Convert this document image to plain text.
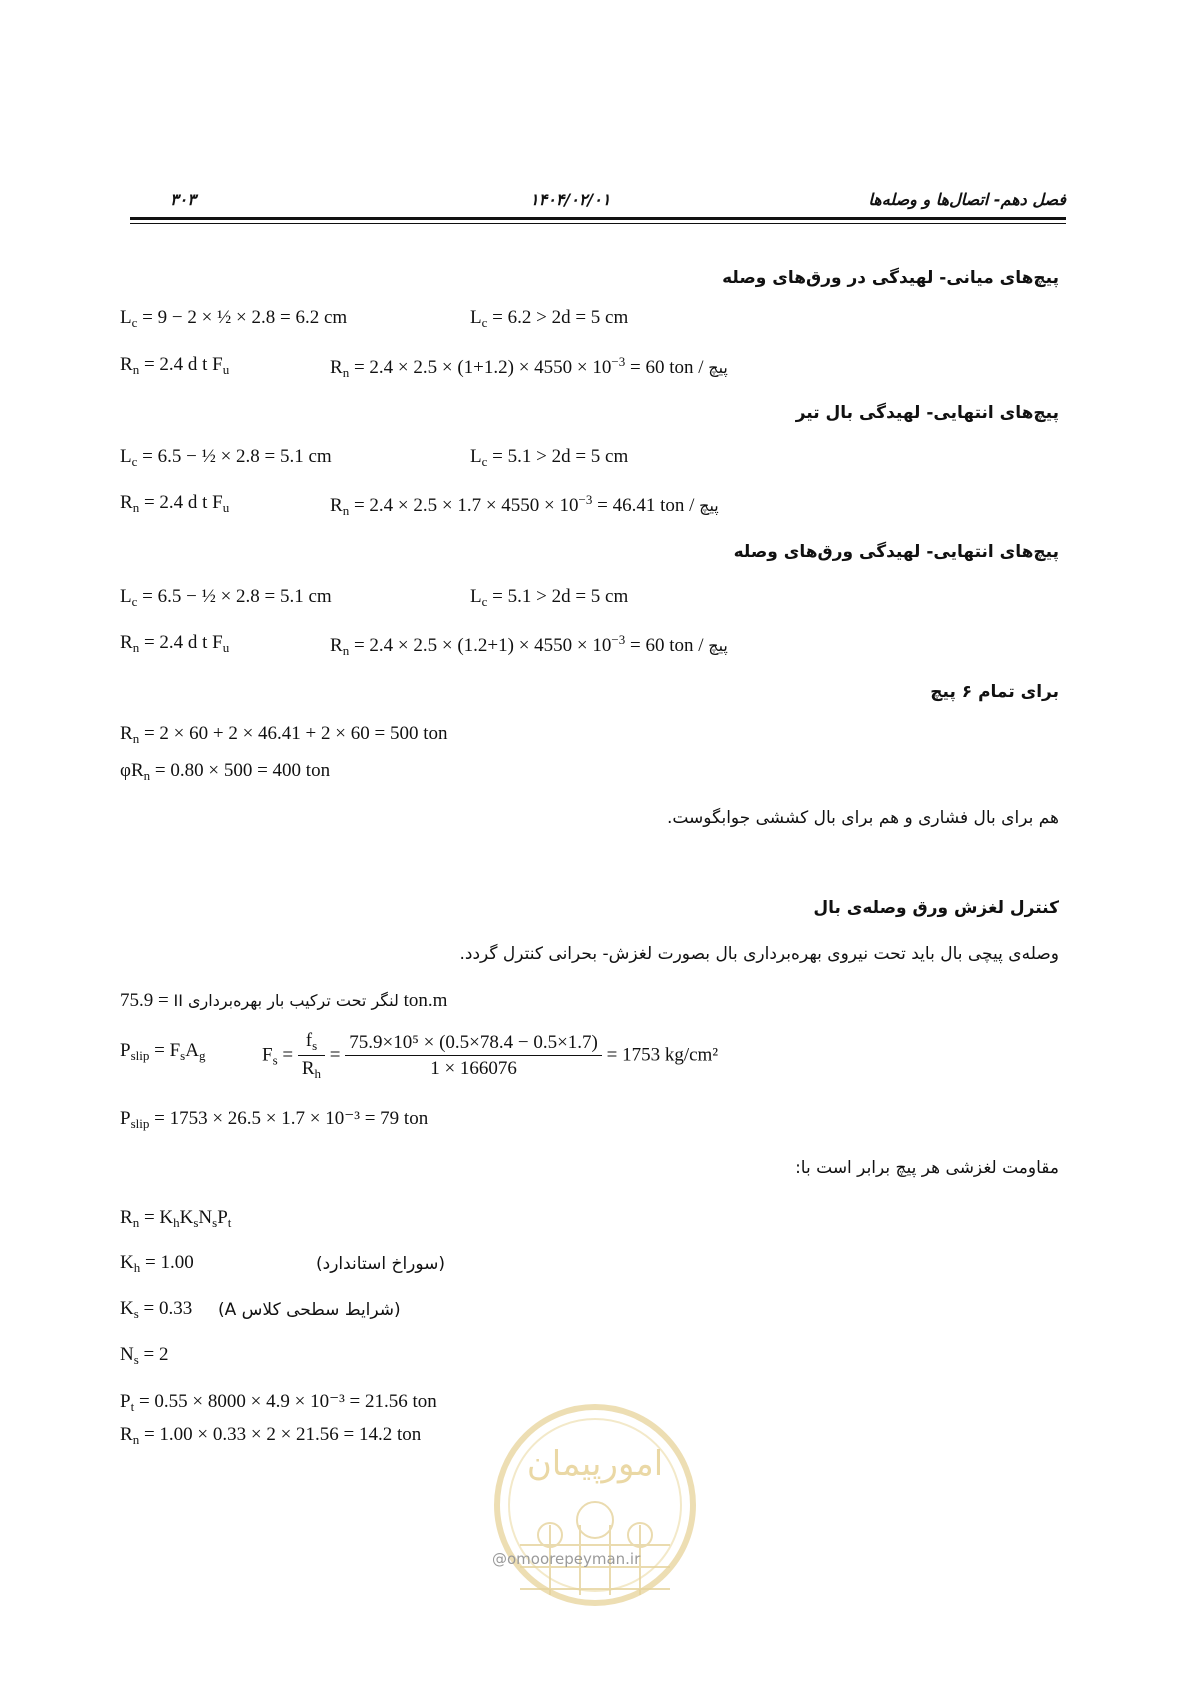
۳۰۳	۱۴۰۴/۰۲/۰۱	فصل دهم- اتصال‌ها و وصله‌ها
پیچ‌های میانی- لهیدگی در ورق‌های وصله
$L_c = 9 - 2$ × ½ × 2.8 = 6.2 cm	$L_c = 6.2 > 2d = 5$ cm
$R_n = 2.4$ d t $F_u$	$R_n = 2.4 \times 2.5 \times (1+1.2) \times 4550 \times 10^{-3} = 60$ ton / پیچ
پیچ‌های انتهایی- لهیدگی بال تیر
$L_c = 6.5$ − ½ × 2.8 = 5.1 cm	$L_c = 5.1 > 2d = 5$ cm
$R_n = 2.4$ d t $F_u$	$R_n = 2.4 \times 2.5 \times 1.7 \times 4550 \times 10^{-3} = 46.41$ ton / پیچ
پیچ‌های انتهایی- لهیدگی ورق‌های وصله
$L_c = 6.5$ − ½ × 2.8 = 5.1 cm	$L_c = 5.1 > 2d = 5$ cm
$R_n = 2.4$ d t $F_u$	$R_n = 2.4 \times 2.5 \times (1.2+1) \times 4550 \times 10^{-3} = 60$ ton / پیچ
برای تمام ۶ پیچ
$R_n = 2 \times 60 + 2 \times 46.41 + 2 \times 60 = 500$ ton
$\varphi R_n = 0.80 \times 500 = 400$ ton
هم برای بال فشاری و هم برای بال کششی جوابگوست.
کنترل لغزش ورق وصله‌ی بال
وصله‌ی پیچی بال باید تحت نیروی بهره‌برداری بال بصورت لغزش- بحرانی کنترل گردد.
لنگر تحت ترکیب بار بهره‌برداری II = 75.9 ton.m
$P_{slip} = F_sA_g$	$F_s = \frac{f_s}{R_h} = \frac{\text{75.9×10⁵ × (0.5×78.4 − 0.5×1.7)}}{1 \times 166076} = 1753$ kg/cm²
$P_{slip} = 1753 \times 26.5 \times 1.7 \times 10^{-3} = 79$ ton
مقاومت لغزشی هر پیچ برابر است با:
$R_n = K_hK_sN_sP_t$
$K_h = 1.00$	(سوراخ استاندارد)
$K_s = 0.33$ (شرایط سطحی کلاس A)
$N_s = 2$
$P_t = 0.55 \times 8000 \times 4.9 \times 10^{-3} = 21.56$ ton
$R_n = 1.00 \times 0.33 \times 2 \times 21.56 = 14.2$ ton
امورپیمان
@omoorepeyman.ir
